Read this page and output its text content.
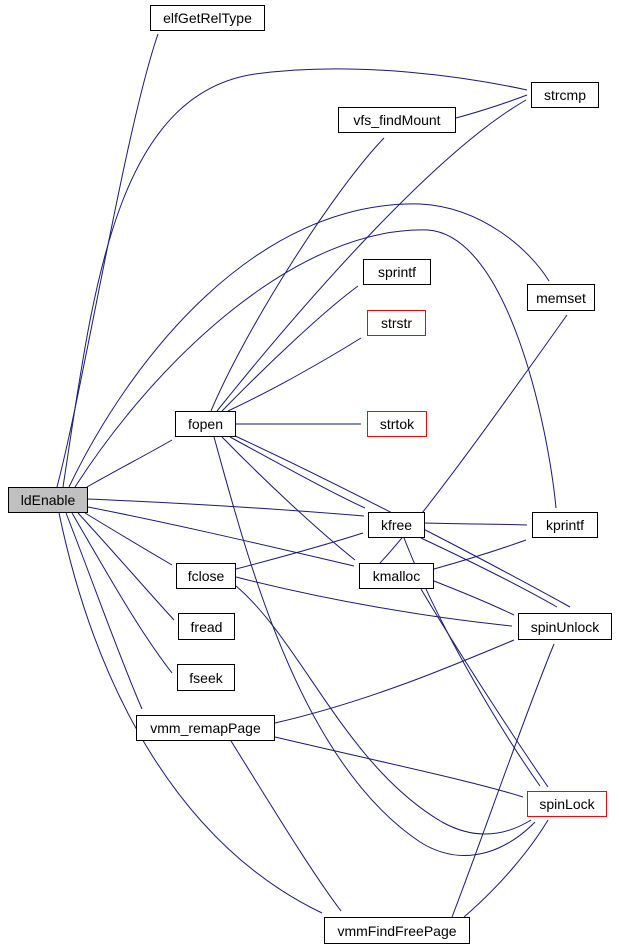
elfGetRelType
strcmp
vfs_findMount
sprintf
memset
strstr
fopen	strtok
ldEnable
kfree	kprintf
fclose	kmalloc
fread	spinUnlock
fseek
vmm_remapPage
spinLock
vmmFindFreePage
